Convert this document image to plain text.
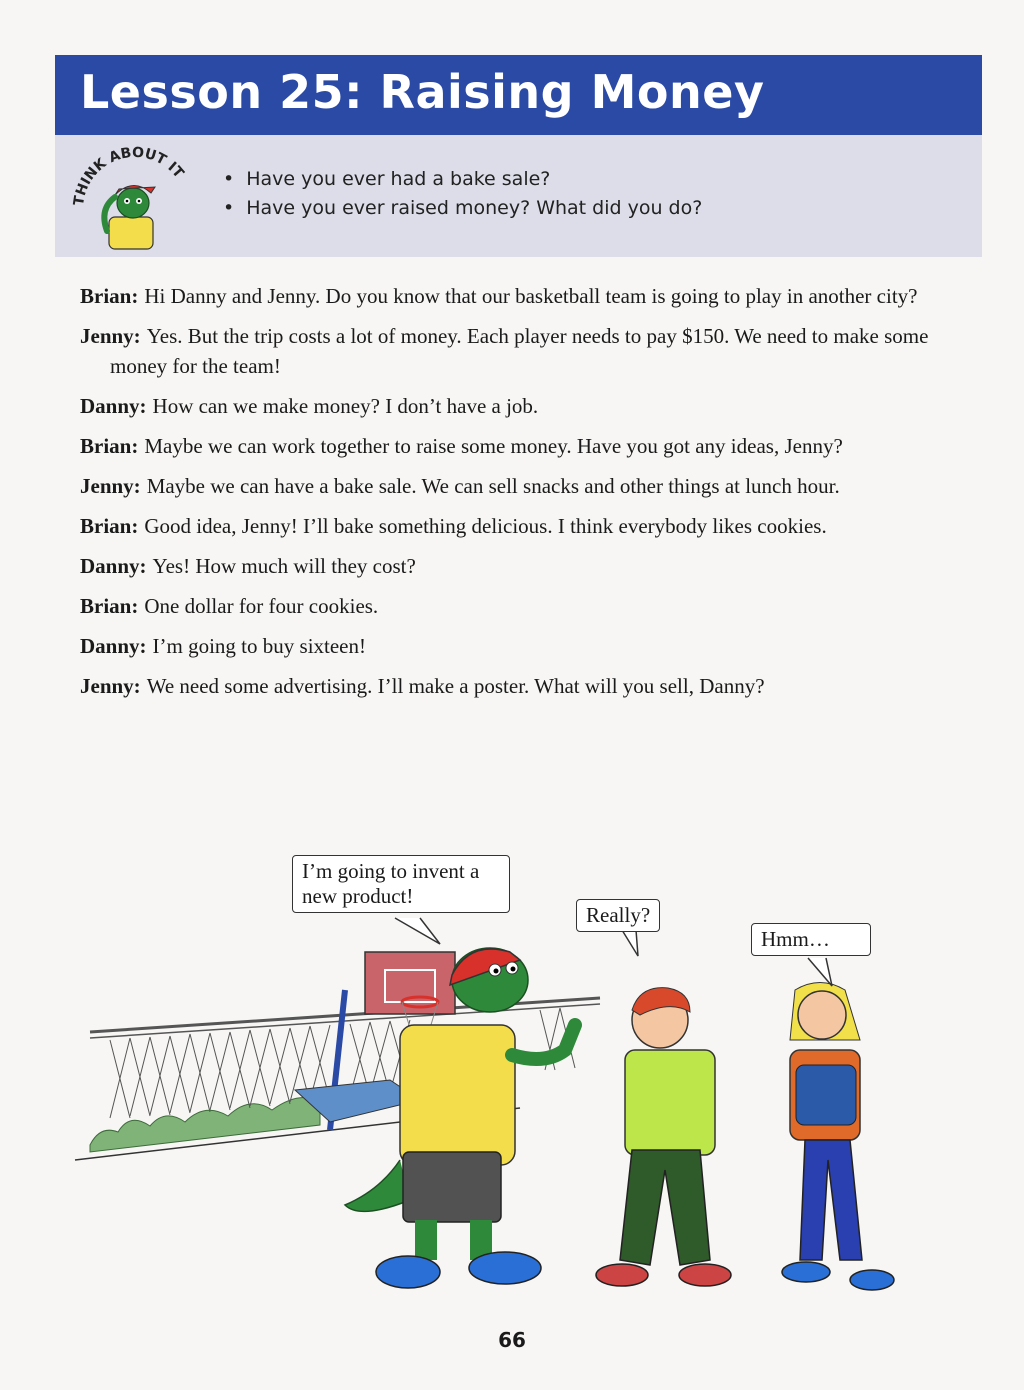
Lesson 25: Raising Money
THINK ABOUT IT
•	Have you ever had a bake sale?
• Have you ever raised money? What did you do?
Brian: Hi Danny and Jenny. Do you know that our basketball team is going to play in another city?
Jenny: Yes. But the trip costs a lot of money. Each player needs to pay $150. We need to make some money for the team!
Danny: How can we make money? I don’t have a job.
Brian: Maybe we can work together to raise some money. Have you got any ideas, Jenny?
Jenny: Maybe we can have a bake sale. We can sell snacks and other things at lunch hour.
Brian: Good idea, Jenny! I’ll bake something delicious. I think everybody likes cookies.
Danny: Yes! How much will they cost?
Brian: One dollar for four cookies.
Danny: I’m going to buy sixteen!
Jenny: We need some advertising. I’ll make a poster. What will you sell, Danny?
I’m going to invent a new product!
Really?
Hmm…
66
